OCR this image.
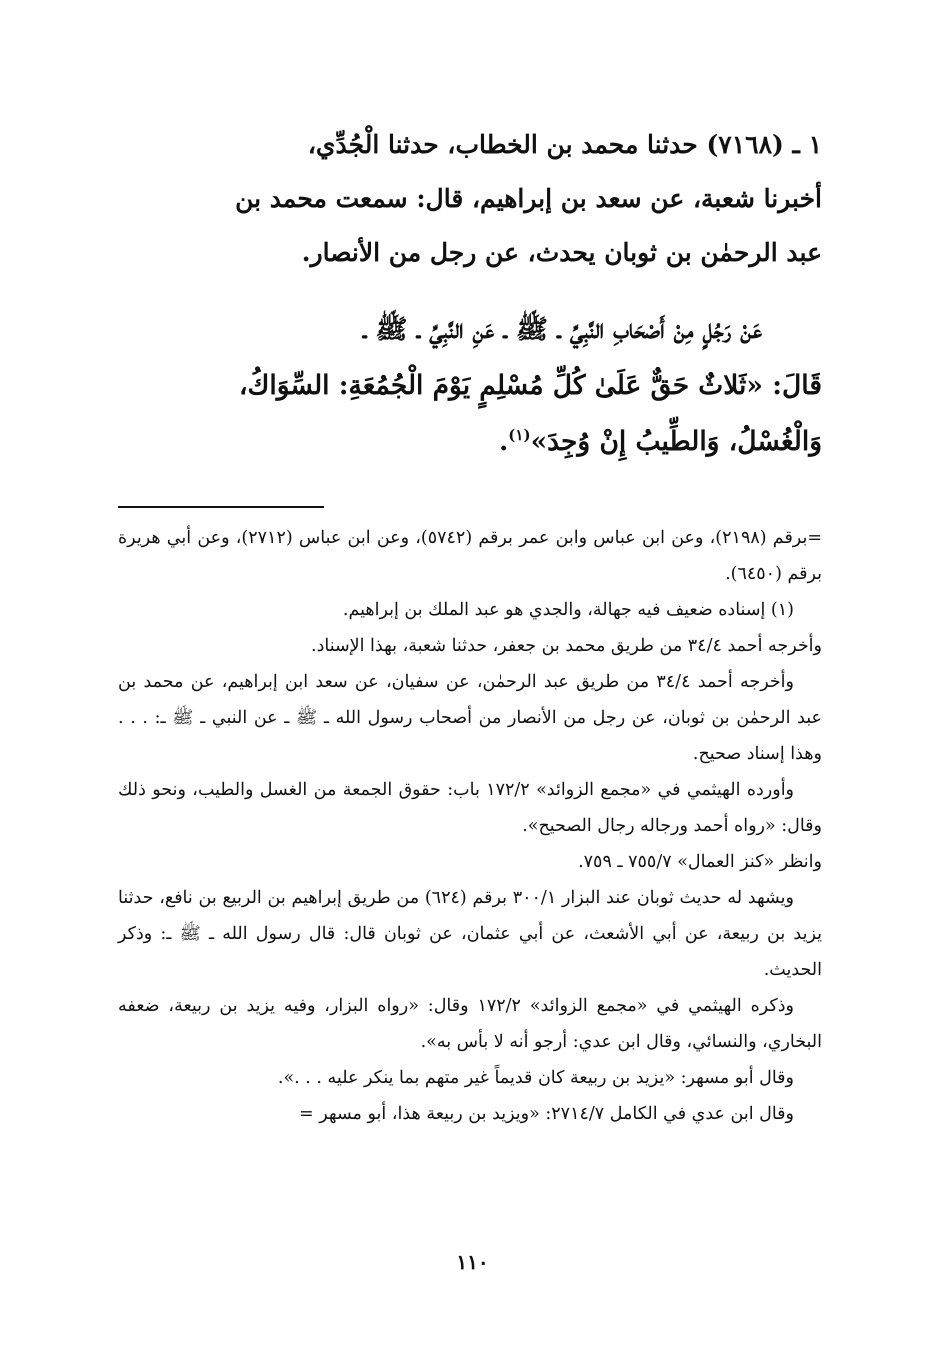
١ ـ (٧١٦٨) حدثنا محمد بن الخطاب، حدثنا الْجُدِّي،

أخبرنا شعبة، عن سعد بن إبراهيم، قال: سمعت محمد بن

عبد الرحمٰن بن ثوبان يحدث، عن رجل من الأنصار.

عَنْ رَجُلٍ مِنْ أَصْحَابِ النَّبِيِّ ـ ﷺ ـ عَنِ النَّبِيِّ ـ ﷺ ـ

قَالَ: «ثَلاثٌ حَقٌّ عَلَىٰ كُلِّ مُسْلِمٍ يَوْمَ الْجُمُعَةِ: السِّوَاكُ،

وَالْغُسْلُ، وَالطِّيبُ إِنْ وُجِدَ»$^{(١)}$.

=برقم (٢١٩٨)، وعن ابن عباس وابن عمر برقم (٥٧٤٢)، وعن ابن عباس (٢٧١٢)، وعن أبي هريرة برقم (٦٤٥٠).

(١) إسناده ضعيف فيه جهالة، والجدي هو عبد الملك بن إبراهيم.

وأخرجه أحمد ٣٤/٤ من طريق محمد بن جعفر، حدثنا شعبة، بهذا الإسناد.

وأخرجه أحمد ٣٤/٤ من طريق عبد الرحمٰن، عن سفيان، عن سعد ابن إبراهيم، عن محمد بن عبد الرحمٰن بن ثوبان، عن رجل من الأنصار من أصحاب رسول الله ـ ﷺ ـ عن النبي ـ ﷺ ـ: . . . وهذا إسناد صحيح.

وأورده الهيثمي في «مجمع الزوائد» ١٧٢/٢ باب: حقوق الجمعة من الغسل والطيب، ونحو ذلك وقال: «رواه أحمد ورجاله رجال الصحيح».

وانظر «كنز العمال» ٧٥٥/٧ ـ ٧٥٩.

ويشهد له حديث ثوبان عند البزار ٣٠٠/١ برقم (٦٢٤) من طريق إبراهيم بن الربيع بن نافع، حدثنا يزيد بن ربيعة، عن أبي الأشعث، عن أبي عثمان، عن ثوبان قال: قال رسول الله ـ ﷺ ـ: وذكر الحديث.

وذكره الهيثمي في «مجمع الزوائد» ١٧٢/٢ وقال: «رواه البزار، وفيه يزيد بن ربيعة، ضعفه البخاري، والنسائي، وقال ابن عدي: أرجو أنه لا بأس به».

وقال أبو مسهر: «يزيد بن ربيعة كان قديماً غير متهم بما ينكر عليه . . .».

وقال ابن عدي في الكامل ٢٧١٤/٧: «ويزيد بن ربيعة هذا، أبو مسهر =

١١٠
